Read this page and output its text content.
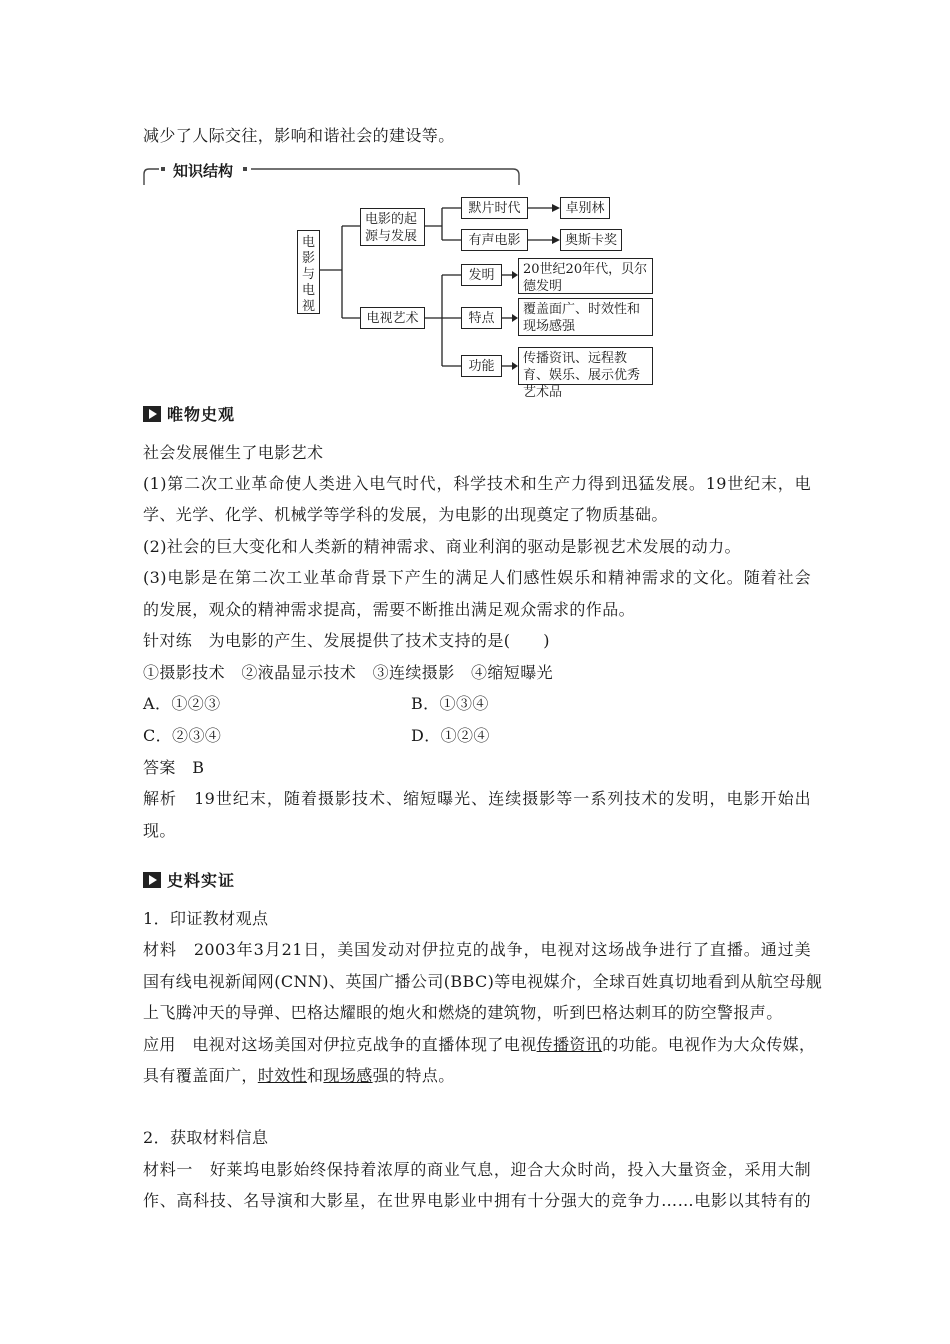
减少了人际交往，影响和谐社会的建设等。
知识结构
电影与电视
电影的起源与发展
默片时代	卓别林
有声电影	奥斯卡奖
电视艺术
发明	20世纪20年代，贝尔德发明
特点
覆盖面广、时效性和现场感强
功能
传播资讯、远程教育、娱乐、展示优秀艺术品
唯物史观
社会发展催生了电影艺术
(1)第二次工业革命使人类进入电气时代，科学技术和生产力得到迅猛发展。19世纪末，电
学、光学、化学、机械学等学科的发展，为电影的出现奠定了物质基础。
(2)社会的巨大变化和人类新的精神需求、商业利润的驱动是影视艺术发展的动力。
(3)电影是在第二次工业革命背景下产生的满足人们感性娱乐和精神需求的文化。随着社会
的发展，观众的精神需求提高，需要不断推出满足观众需求的作品。
针对练　为电影的产生、发展提供了技术支持的是(　　)
①摄影技术　②液晶显示技术　③连续摄影　④缩短曝光
A．①②③	B．①③④
C．②③④	D．①②④
答案　B
解析　19世纪末，随着摄影技术、缩短曝光、连续摄影等一系列技术的发明，电影开始出
现。
史料实证
1．印证教材观点
材料　2003年3月21日，美国发动对伊拉克的战争，电视对这场战争进行了直播。通过美
国有线电视新闻网(CNN)、英国广播公司(BBC)等电视媒介，全球百姓真切地看到从航空母舰
上飞腾冲天的导弹、巴格达耀眼的炮火和燃烧的建筑物，听到巴格达刺耳的防空警报声。
应用　电视对这场美国对伊拉克战争的直播体现了电视传播资讯的功能。电视作为大众传媒，
具有覆盖面广，时效性和现场感强的特点。
2．获取材料信息
材料一　好莱坞电影始终保持着浓厚的商业气息，迎合大众时尚，投入大量资金，采用大制
作、高科技、名导演和大影星，在世界电影业中拥有十分强大的竞争力……电影以其特有的
